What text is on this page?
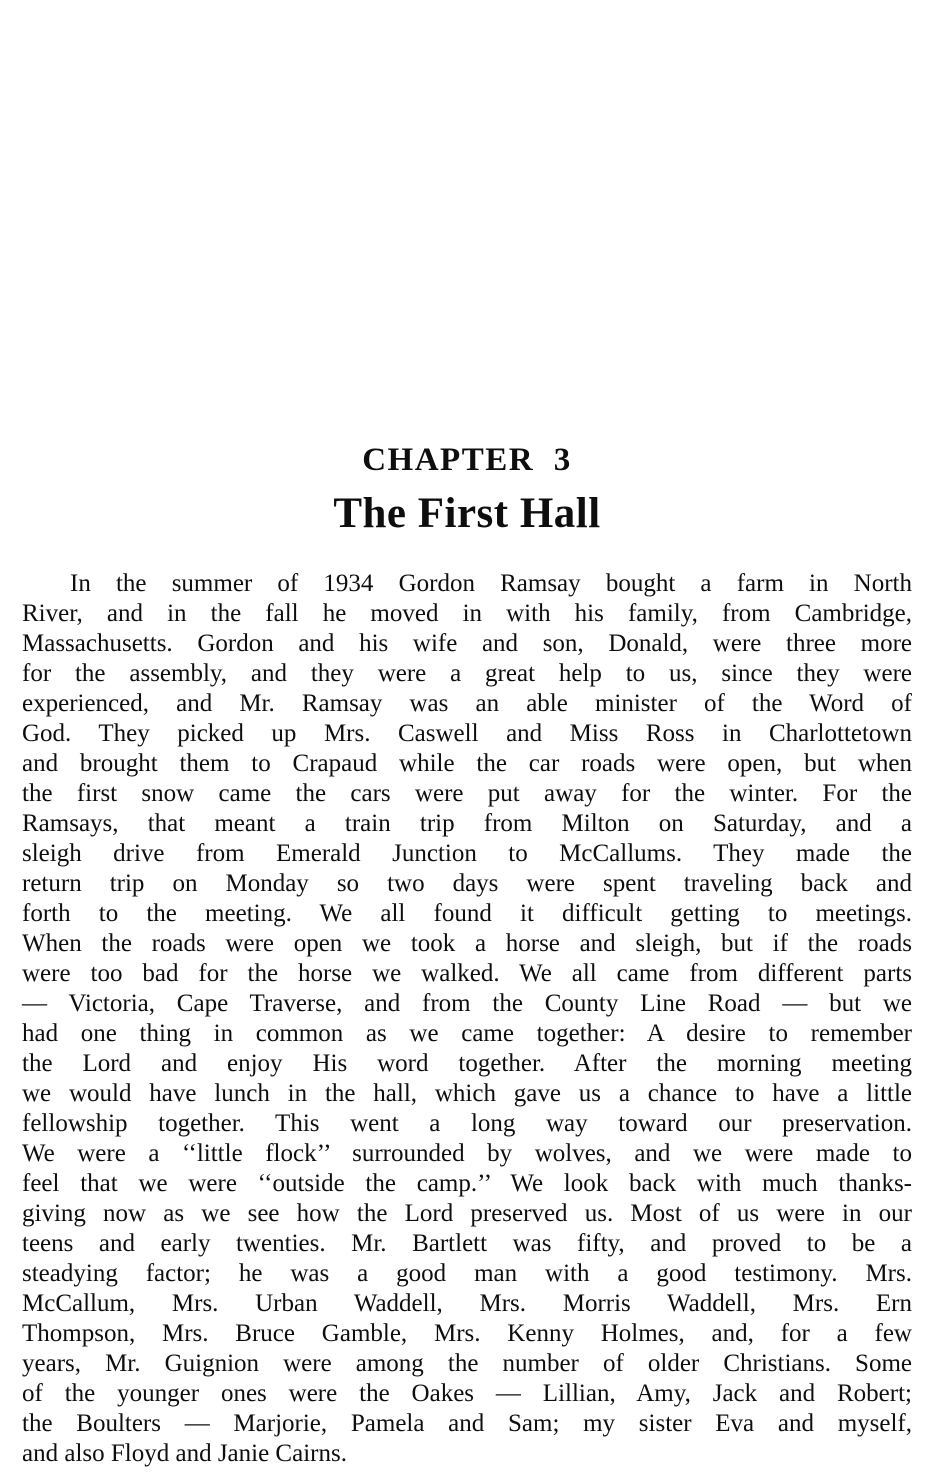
CHAPTER 3
The First Hall
In the summer of 1934 Gordon Ramsay bought a farm in North
River, and in the fall he moved in with his family, from Cambridge,
Massachusetts. Gordon and his wife and son, Donald, were three more
for the assembly, and they were a great help to us, since they were
experienced, and Mr. Ramsay was an able minister of the Word of
God. They picked up Mrs. Caswell and Miss Ross in Charlottetown
and brought them to Crapaud while the car roads were open, but when
the first snow came the cars were put away for the winter. For the
Ramsays, that meant a train trip from Milton on Saturday, and a
sleigh drive from Emerald Junction to McCallums. They made the
return trip on Monday so two days were spent traveling back and
forth to the meeting. We all found it difficult getting to meetings.
When the roads were open we took a horse and sleigh, but if the roads
were too bad for the horse we walked. We all came from different parts
— Victoria, Cape Traverse, and from the County Line Road — but we
had one thing in common as we came together: A desire to remember
the Lord and enjoy His word together. After the morning meeting
we would have lunch in the hall, which gave us a chance to have a little
fellowship together. This went a long way toward our preservation.
We were a ‘‘little flock’’ surrounded by wolves, and we were made to
feel that we were ‘‘outside the camp.’’ We look back with much thanks-
giving now as we see how the Lord preserved us. Most of us were in our
teens and early twenties. Mr. Bartlett was fifty, and proved to be a
steadying factor; he was a good man with a good testimony. Mrs.
McCallum, Mrs. Urban Waddell, Mrs. Morris Waddell, Mrs. Ern
Thompson, Mrs. Bruce Gamble, Mrs. Kenny Holmes, and, for a few
years, Mr. Guignion were among the number of older Christians. Some
of the younger ones were the Oakes — Lillian, Amy, Jack and Robert;
the Boulters — Marjorie, Pamela and Sam; my sister Eva and myself,
and also Floyd and Janie Cairns.
